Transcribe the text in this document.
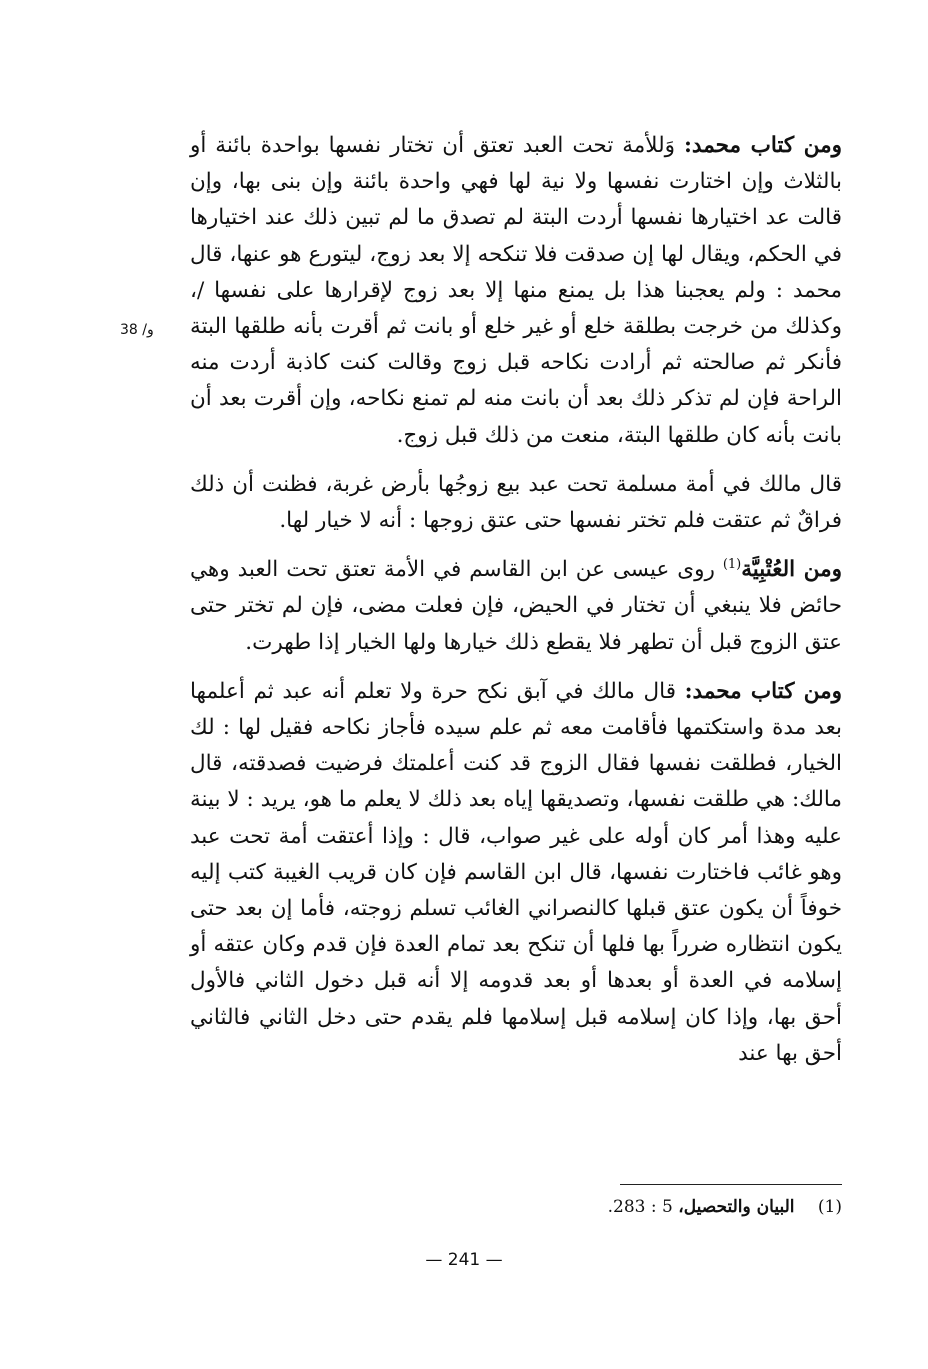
38 /و

ومن كتاب محمد: وَللأمة تحت العبد تعتق أن تختار نفسها بواحدة بائنة أو بالثلاث وإن اختارت نفسها ولا نية لها فهي واحدة بائنة وإن بنى بها، وإن قالت عد اختيارها نفسها أردت البتة لم تصدق ما لم تبين ذلك عند اختيارها في الحكم، ويقال لها إن صدقت فلا تنكحه إلا بعد زوج، ليتورع هو عنها، قال محمد : ولم يعجبنا هذا بل يمنع منها إلا بعد زوج لإقرارها على نفسها /، وكذلك من خرجت بطلقة خلع أو غير خلع أو بانت ثم أقرت بأنه طلقها البتة فأنكر ثم صالحته ثم أرادت نكاحه قبل زوج وقالت كنت كاذبة أردت منه الراحة فإن لم تذكر ذلك بعد أن بانت منه لم تمنع نكاحه، وإن أقرت بعد أن بانت بأنه كان طلقها البتة، منعت من ذلك قبل زوج.

قال مالك في أمة مسلمة تحت عبد بيع زوجُها بأرض غربة، فظنت أن ذلك فراقٌ ثم عتقت فلم تختر نفسها حتى عتق زوجها : أنه لا خيار لها.

ومن العُتْبِيَّة$^{(1)}$ روى عيسى عن ابن القاسم في الأمة تعتق تحت العبد وهي حائض فلا ينبغي أن تختار في الحيض، فإن فعلت مضى، فإن لم تختر حتى عتق الزوج قبل أن تطهر فلا يقطع ذلك خيارها ولها الخيار إذا طهرت.

ومن كتاب محمد: قال مالك في آبق نكح حرة ولا تعلم أنه عبد ثم أعلمها بعد مدة واستكتمها فأقامت معه ثم علم سيده فأجاز نكاحه فقيل لها : لك الخيار، فطلقت نفسها فقال الزوج قد كنت أعلمتك فرضيت فصدقته، قال مالك: هي طلقت نفسها، وتصديقها إياه بعد ذلك لا يعلم ما هو، يريد : لا بينة عليه وهذا أمر كان أوله على غير صواب، قال : وإذا أعتقت أمة تحت عبد وهو غائب فاختارت نفسها، قال ابن القاسم فإن كان قريب الغيبة كتب إليه خوفاً أن يكون عتق قبلها كالنصراني الغائب تسلم زوجته، فأما إن بعد حتى يكون انتظاره ضرراً بها فلها أن تنكح بعد تمام العدة فإن قدم وكان عتقه أو إسلامه في العدة أو بعدها أو بعد قدومه إلا أنه قبل دخول الثاني فالأول أحق بها، وإذا كان إسلامه قبل إسلامها فلم يقدم حتى دخل الثاني فالثاني أحق بها عند

(1) البيان والتحصيل، 5 : 283.
— 241 —
